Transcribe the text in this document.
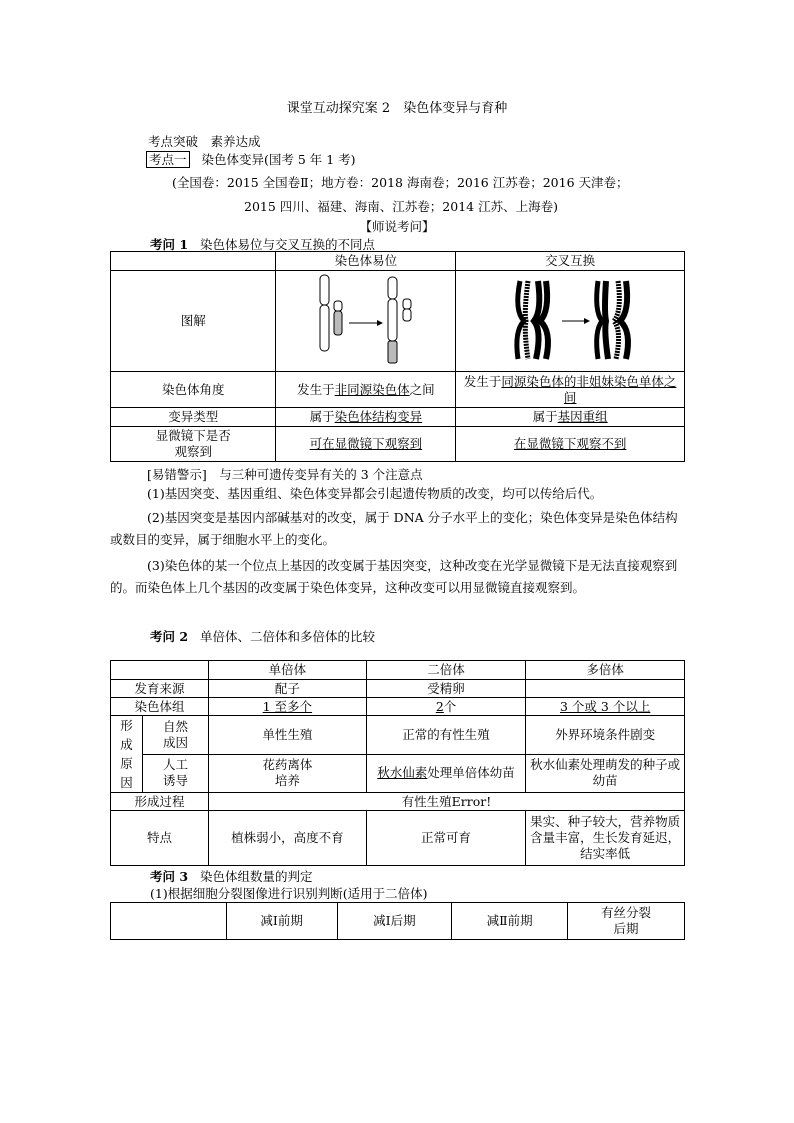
课堂互动探究案 2　染色体变异与育种
考点突破　素养达成
考点一 染色体变异(国考 5 年 1 考)
(全国卷：2015 全国卷Ⅱ；地方卷：2018 海南卷；2016 江苏卷；2016 天津卷；
2015 四川、福建、海南、江苏卷；2014 江苏、上海卷)
【师说考问】
考问 1 染色体易位与交叉互换的不同点
	染色体易位	交叉互换
图解		
染色体角度	发生于非同源染色体之间	发生于同源染色体的非姐妹染色单体之间
变异类型	属于染色体结构变异	属于基因重组
显微镜下是否观察到	可在显微镜下观察到	在显微镜下观察不到
[易错警示]　与三种可遗传变异有关的 3 个注意点
(1)基因突变、基因重组、染色体变异都会引起遗传物质的改变，均可以传给后代。
(2)基因突变是基因内部碱基对的改变，属于 DNA 分子水平上的变化；染色体变异是染色体结构或数目的变异，属于细胞水平上的变化。
(3)染色体的某一个位点上基因的改变属于基因突变，这种改变在光学显微镜下是无法直接观察到的。而染色体上几个基因的改变属于染色体变异，这种改变可以用显微镜直接观察到。
考问 2 单倍体、二倍体和多倍体的比较
		单倍体	二倍体	多倍体
发育来源		配子	受精卵	
染色体组		1 至多个	2个	3 个或 3 个以上
形成原因	自然成因	单性生殖	正常的有性生殖	外界环境条件剧变
	人工诱导	花药离体培养	秋水仙素处理单倍体幼苗	秋水仙素处理萌发的种子或幼苗
形成过程		有性生殖Error!		
特点		植株弱小，高度不育	正常可育	果实、种子较大，营养物质含量丰富，生长发育延迟，结实率低
考问 3 染色体组数量的判定
(1)根据细胞分裂图像进行识别判断(适用于二倍体)
	减Ⅰ前期	减Ⅰ后期	减Ⅱ前期	有丝分裂后期
